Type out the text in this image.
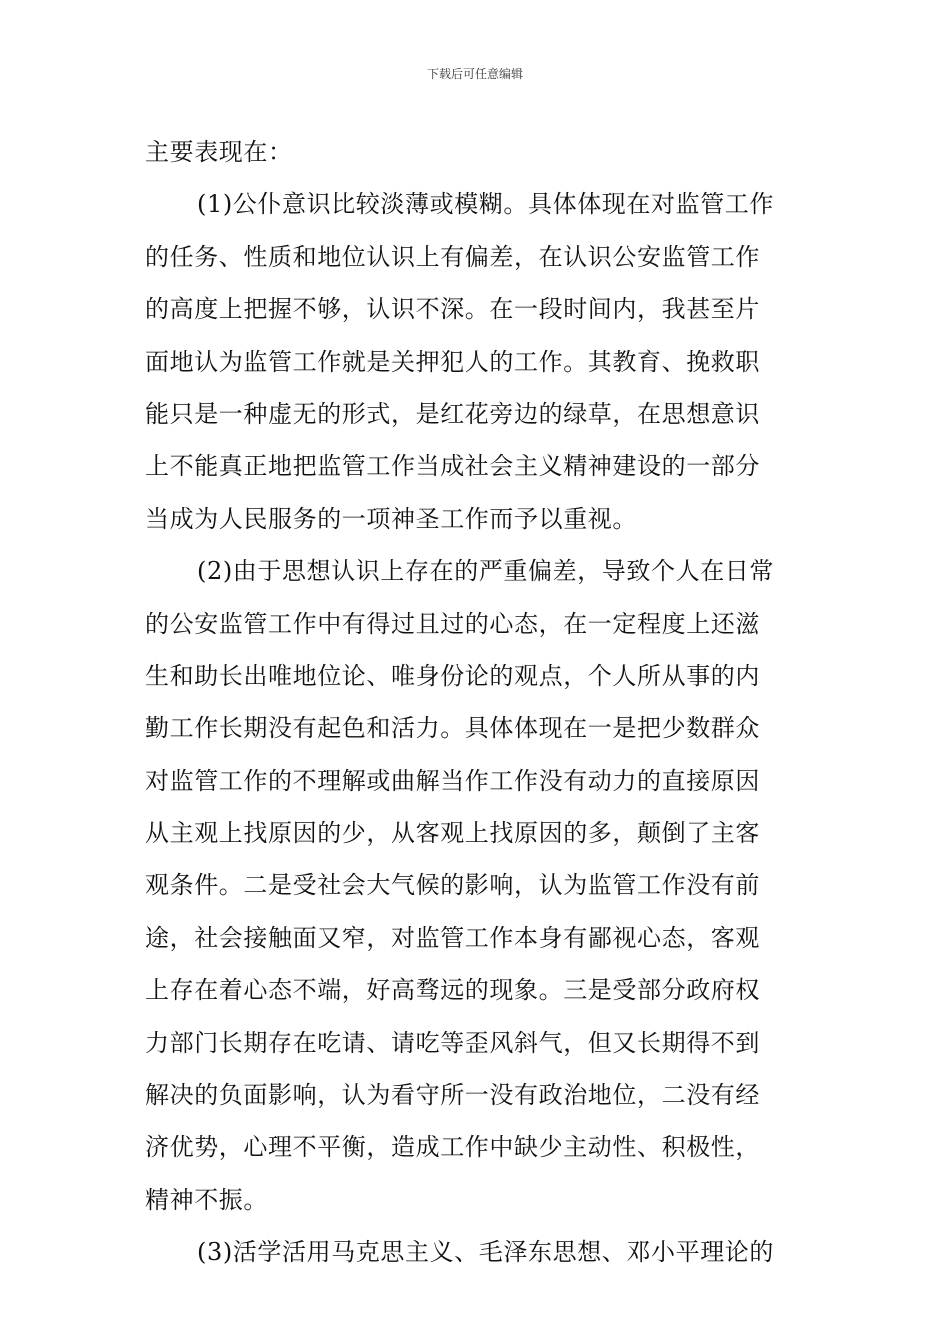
下载后可任意编辑
主要表现在：
(1)公仆意识比较淡薄或模糊。具体体现在对监管工作
的任务、性质和地位认识上有偏差，在认识公安监管工作
的高度上把握不够，认识不深。在一段时间内，我甚至片
面地认为监管工作就是关押犯人的工作。其教育、挽救职
能只是一种虚无的形式，是红花旁边的绿草，在思想意识
上不能真正地把监管工作当成社会主义精神建设的一部分
当成为人民服务的一项神圣工作而予以重视。
(2)由于思想认识上存在的严重偏差，导致个人在日常
的公安监管工作中有得过且过的心态，在一定程度上还滋
生和助长出唯地位论、唯身份论的观点，个人所从事的内
勤工作长期没有起色和活力。具体体现在一是把少数群众
对监管工作的不理解或曲解当作工作没有动力的直接原因
从主观上找原因的少，从客观上找原因的多，颠倒了主客
观条件。二是受社会大气候的影响，认为监管工作没有前
途，社会接触面又窄，对监管工作本身有鄙视心态，客观
上存在着心态不端，好高骛远的现象。三是受部分政府权
力部门长期存在吃请、请吃等歪风斜气，但又长期得不到
解决的负面影响，认为看守所一没有政治地位，二没有经
济优势，心理不平衡，造成工作中缺少主动性、积极性，
精神不振。
(3)活学活用马克思主义、毛泽东思想、邓小平理论的
